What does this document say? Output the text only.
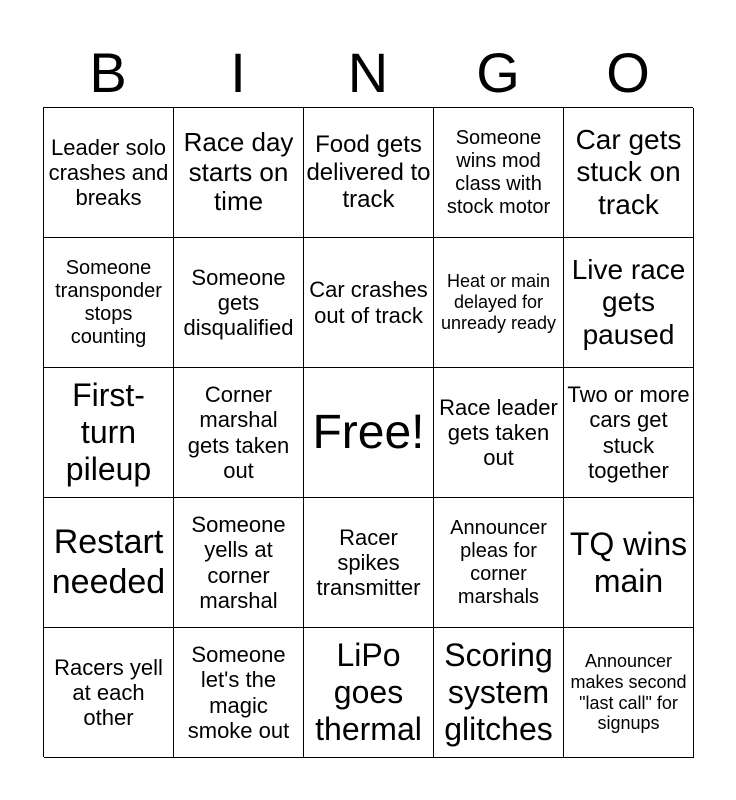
B	I	N	G	O
Leader solo crashes and breaks
Race day starts on time
Food gets delivered to track
Someone wins mod class with stock motor
Car gets stuck on track
Someone transponder stops counting
Someone gets disqualified
Car crashes out of track
Heat or main delayed for unready ready
Live race gets paused
First-turn pileup
Corner marshal gets taken out
Free! Race leader gets taken out
Two or more cars get stuck together
Restart needed
Someone yells at corner marshal
Racer spikes transmitter
Announcer pleas for corner marshals
TQ wins main
Racers yell at each other
Someone let's the magic smoke out
LiPo goes thermal
Scoring system glitches
Announcer makes second "last call" for signups
